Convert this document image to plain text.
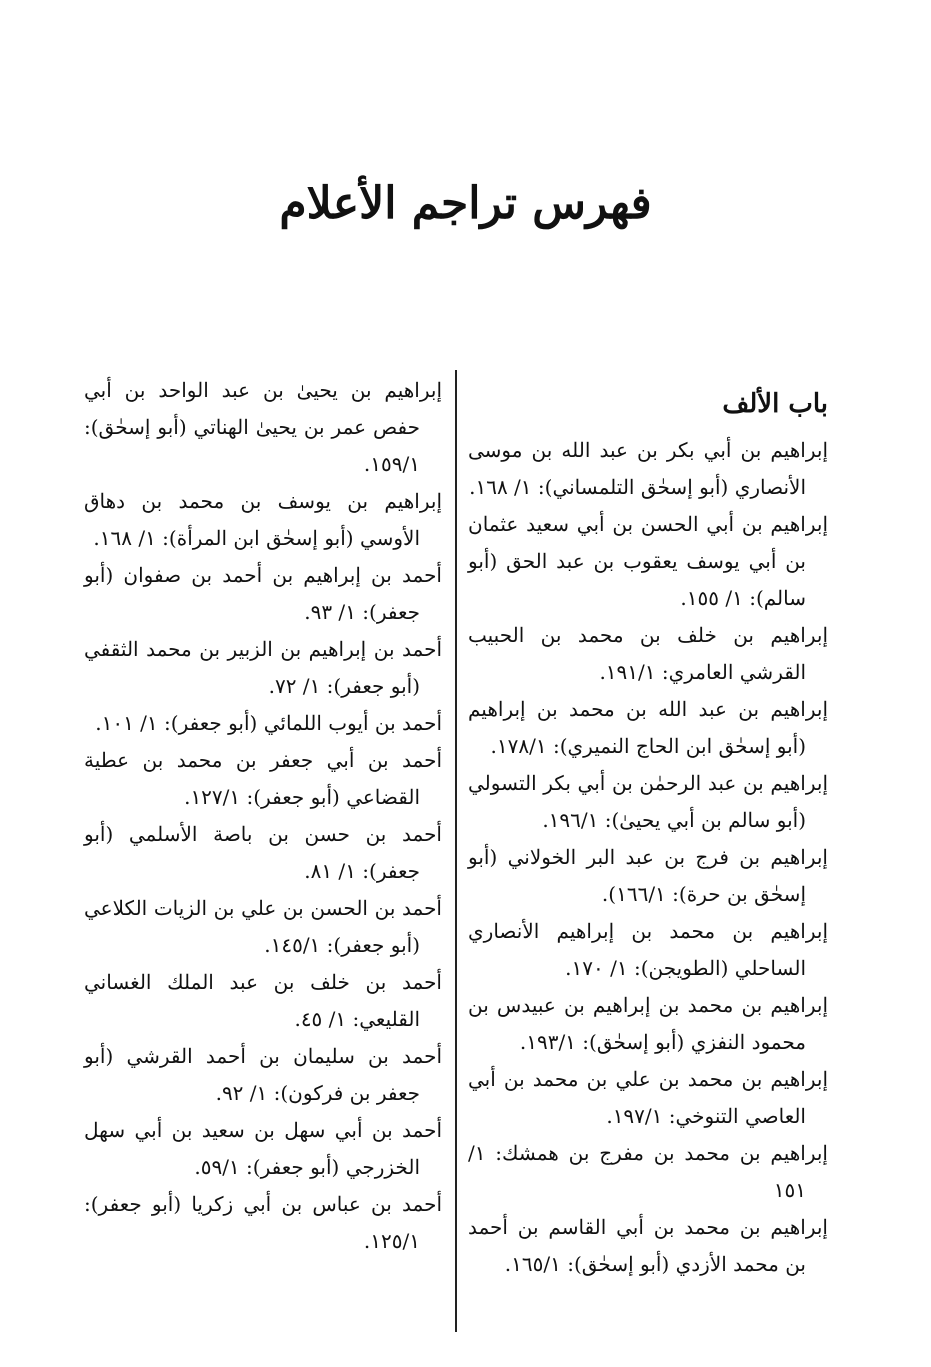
فهرس تراجم الأعلام
باب الألف

إبراهيم بن أبي بكر بن عبد الله بن موسى الأنصاري (أبو إسحٰق التلمساني): ١/ ١٦٨.

إبراهيم بن أبي الحسن بن أبي سعيد عثمان بن أبي يوسف يعقوب بن عبد الحق (أبو سالم): ١/ ١٥٥.

إبراهيم بن خلف بن محمد بن الحبيب القرشي العامري: ١٩١/١.

إبراهيم بن عبد الله بن محمد بن إبراهيم (أبو إسحٰق ابن الحاج النميري): ١٧٨/١.

إبراهيم بن عبد الرحمٰن بن أبي بكر التسولي (أبو سالم بن أبي يحيىٰ): ١٩٦/١.

إبراهيم بن فرج بن عبد البر الخولاني (أبو إسحٰق بن حرة): ١٦٦/١).

إبراهيم بن محمد بن إبراهيم الأنصاري الساحلي (الطويجن): ١/ ١٧٠.

إبراهيم بن محمد بن إبراهيم بن عبيدس بن محمود النفزي (أبو إسحٰق): ١٩٣/١.

إبراهيم بن محمد بن علي بن محمد بن أبي العاصي التنوخي: ١٩٧/١.

إبراهيم بن محمد بن مفرج بن همشك: ١/ ١٥١

إبراهيم بن محمد بن أبي القاسم بن أحمد بن محمد الأزدي (أبو إسحٰق): ١٦٥/١.

إبراهيم بن يحيىٰ بن عبد الواحد بن أبي حفص عمر بن يحيىٰ الهناتي (أبو إسحٰق): ١٥٩/١.

إبراهيم بن يوسف بن محمد بن دهاق الأوسي (أبو إسحٰق ابن المرأة): ١/ ١٦٨.

أحمد بن إبراهيم بن أحمد بن صفوان (أبو جعفر): ١/ ٩٣.

أحمد بن إبراهيم بن الزبير بن محمد الثقفي (أبو جعفر): ١/ ٧٢.

أحمد بن أيوب اللمائي (أبو جعفر): ١/ ١٠١.

أحمد بن أبي جعفر بن محمد بن عطية القضاعي (أبو جعفر): ١٢٧/١.

أحمد بن حسن بن باصة الأسلمي (أبو جعفر): ١/ ٨١.

أحمد بن الحسن بن علي بن الزيات الكلاعي (أبو جعفر): ١٤٥/١.

أحمد بن خلف بن عبد الملك الغساني القليعي: ١/ ٤٥.

أحمد بن سليمان بن أحمد القرشي (أبو جعفر بن فركون): ١/ ٩٢.

أحمد بن أبي سهل بن سعيد بن أبي سهل الخزرجي (أبو جعفر): ٥٩/١.

أحمد بن عباس بن أبي زكريا (أبو جعفر): ١٢٥/١.
